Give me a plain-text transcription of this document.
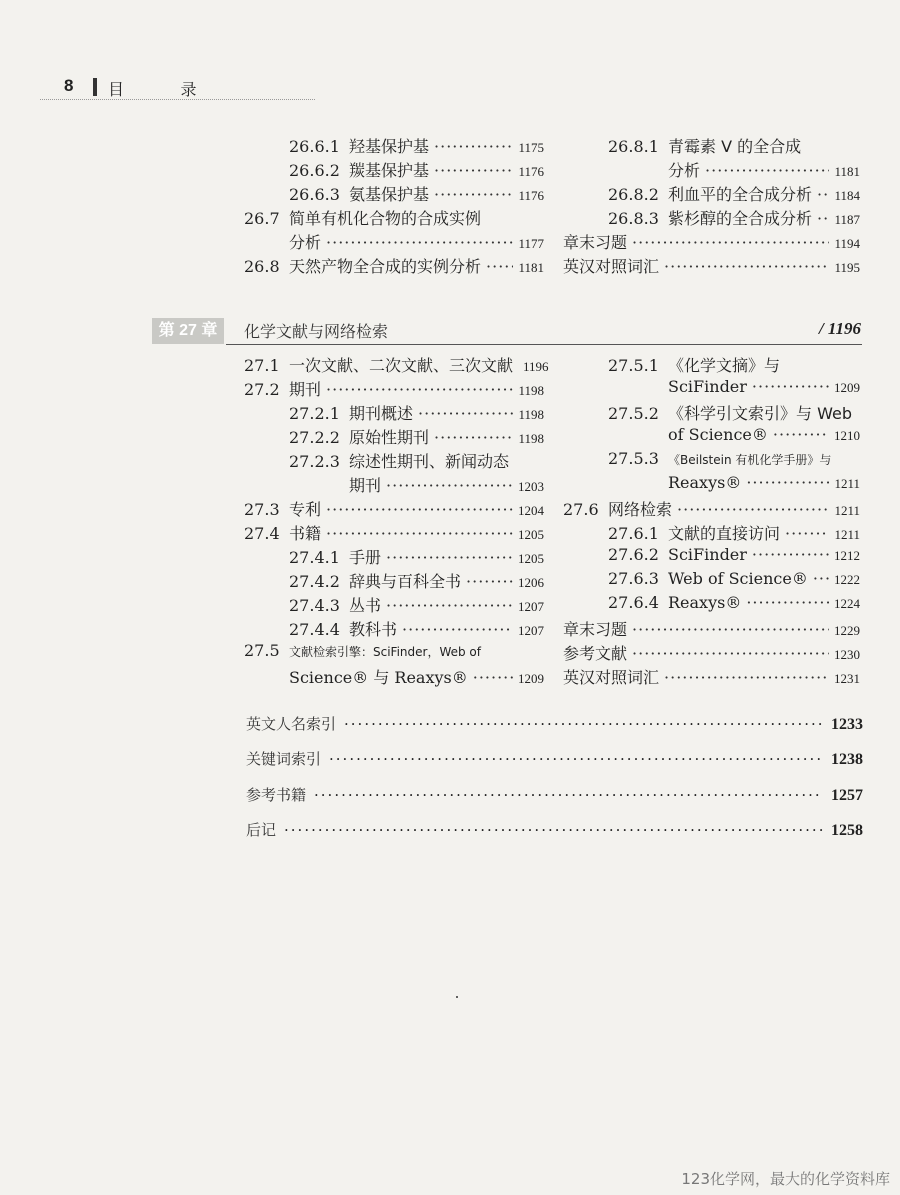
8 目 录
26.6.1 羟基保护基 ·····	1175
26.6.2 羰基保护基 ·····	1176
26.6.3 氨基保护基 ·····	1176
26.7 简单有机化合物的合成实例
分析 ·····	1177
26.8 天然产物全合成的实例分析 ·····	1181
26.8.1 青霉素 V 的全合成
分析 ·····	1181
26.8.2 利血平的全合成分析 ····· 1184
26.8.3 紫杉醇的全合成分析 ····· 1187
章末习题 ·····	1194
英汉对照词汇 ·····	1195
第 27 章	化学文献与网络检索	/ 1196
27.1 一次文献、二次文献、三次文献 1196
27.2 期刊 ·····	1198
27.2.1 期刊概述 ·····	1198
27.2.2 原始性期刊 ·····	1198
27.2.3 综述性期刊、新闻动态
期刊 ·····	1203
27.3 专利 ·····	1204
27.4 书籍 ·····	1205
27.4.1 手册 ·····	1205
27.4.2 辞典与百科全书 ·····	1206
27.4.3 丛书 ·····	1207
27.4.4 教科书 ·····	1207
27.5 文献检索引擎：SciFinder，Web of
Science® 与 Reaxys® ·····	1209
27.5.1 《化学文摘》与
SciFinder ·····	1209
27.5.2 《科学引文索引》与 Web
of Science® ·····	1210
27.5.3 《Beilstein 有机化学手册》与
Reaxys® ·····	1211
27.6 网络检索 ·····	1211
27.6.1 文献的直接访问 ·····	1211
27.6.2 SciFinder ·····	1212
27.6.3 Web of Science® ····· 1222
27.6.4 Reaxys® ·····	1224
章末习题 ·····	1229
参考文献 ·····	1230
英汉对照词汇 ·····	1231
英文人名索引 ·····	1233
关键词索引 ·····	1238
参考书籍 ·····	1257
后记 ·····	1258
123化学网，最大的化学资料库
